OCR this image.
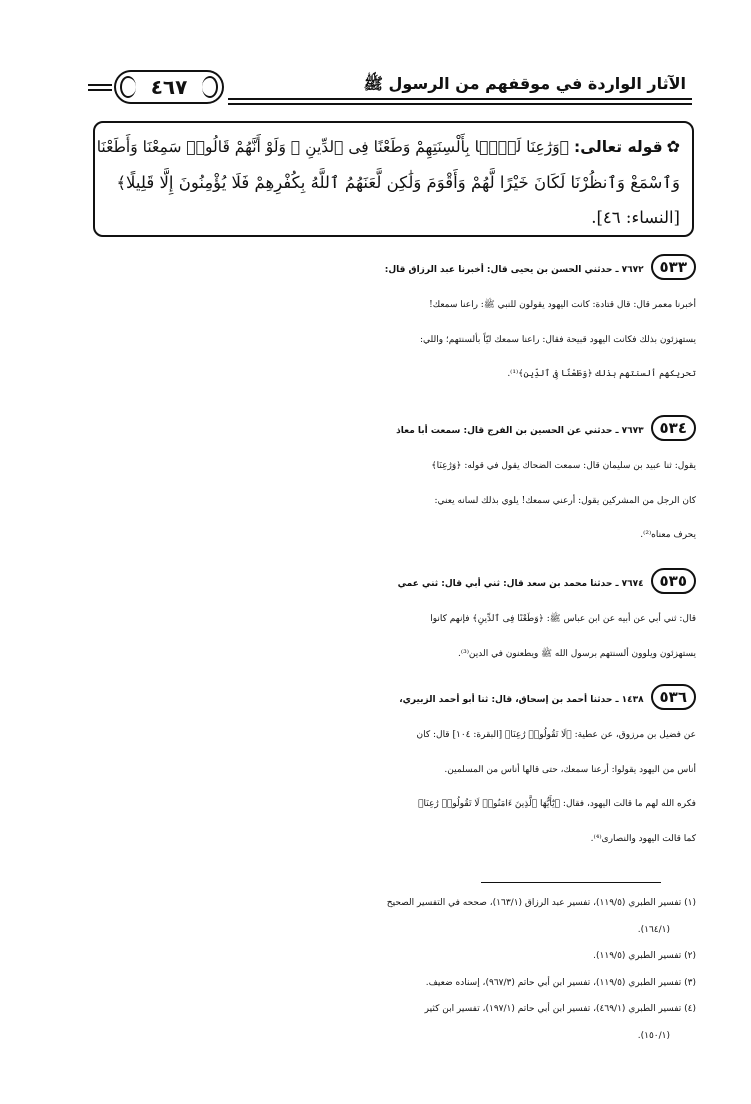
الآثار الواردة في موقفهم من الرسول ﷺ
٤٦٧
✿قوله تعالى: ﴿وَرَٰعِنَا لَيًّۢا بِأَلْسِنَتِهِمْ وَطَعْنًا فِى ٱلدِّينِ ۚ وَلَوْ أَنَّهُمْ قَالُوا۟ سَمِعْنَا وَأَطَعْنَا
وَٱسْمَعْ وَٱنظُرْنَا لَكَانَ خَيْرًا لَّهُمْ وَأَقْوَمَ وَلَٰكِن لَّعَنَهُمُ ٱللَّهُ بِكُفْرِهِمْ فَلَا يُؤْمِنُونَ إِلَّا قَلِيلًا﴾
[النساء: ٤٦].
٥٣٣ ٧٦٧٢ ـ حدثني الحسن بن يحيى قال: أخبرنا عبد الرزاق قال:
أخبرنا معمر قال: قال قتادة: كانت اليهود يقولون للنبي ﷺ: راعنا سمعك!
يستهزئون بذلك فكانت اليهود قبيحة فقال: راعنا سمعك ليّاً بألسنتهم؛ واللي:
تحريكهم ألسنتهم بذلك ﴿وَطَعْنًا فِى ٱلدِّينِ﴾⁽¹⁾.
٥٣٤ ٧٦٧٣ ـ حدثني عن الحسين بن الفرج قال: سمعت أبا معاذ
يقول: ثنا عبيد بن سليمان قال: سمعت الضحاك يقول في قوله: ﴿وَرَٰعِنَا﴾
كان الرجل من المشركين يقول: أرعني سمعك! يلوي بذلك لسانه يعني:
يحرف معناه⁽²⁾.
٥٣٥ ٧٦٧٤ ـ حدثنا محمد بن سعد قال: ثني أبي قال: ثني عمي
قال: ثني أبي عن أبيه عن ابن عباس ﷺ: ﴿وَطَعْنًا فِى ٱلدِّينِ﴾ فإنهم كانوا
يستهزئون ويلوون ألسنتهم برسول الله ﷺ ويطعنون في الدين⁽³⁾.
٥٣٦ ١٤٣٨ ـ حدثنا أحمد بن إسحاق، قال: ثنا أبو أحمد الزبيري،
عن فضيل بن مرزوق، عن عطية: ﴿لَا تَقُولُوا۟ رَٰعِنَا﴾ [البقرة: ١٠٤] قال: كان
أناس من اليهود يقولوا: أرعنا سمعك، حتى قالها أناس من المسلمين.
فكره الله لهم ما قالت اليهود، فقال: ﴿يَٰٓأَيُّهَا ٱلَّذِينَ ءَامَنُوا۟ لَا تَقُولُوا۟ رَٰعِنَا﴾
كما قالت اليهود والنصارى⁽⁴⁾.
(١) تفسير الطبري (١١٩/٥)، تفسير عبد الرزاق (١٦٣/١)، صححه في التفسير الصحيح
(١٦٤/١).
(٢) تفسير الطبري (١١٩/٥).
(٣) تفسير الطبري (١١٩/٥)، تفسير ابن أبي حاتم (٩٦٧/٣)، إسناده ضعيف.
(٤) تفسير الطبري (٤٦٩/١)، تفسير ابن أبي حاتم (١٩٧/١)، تفسير ابن كثير
(١٥٠/١).
